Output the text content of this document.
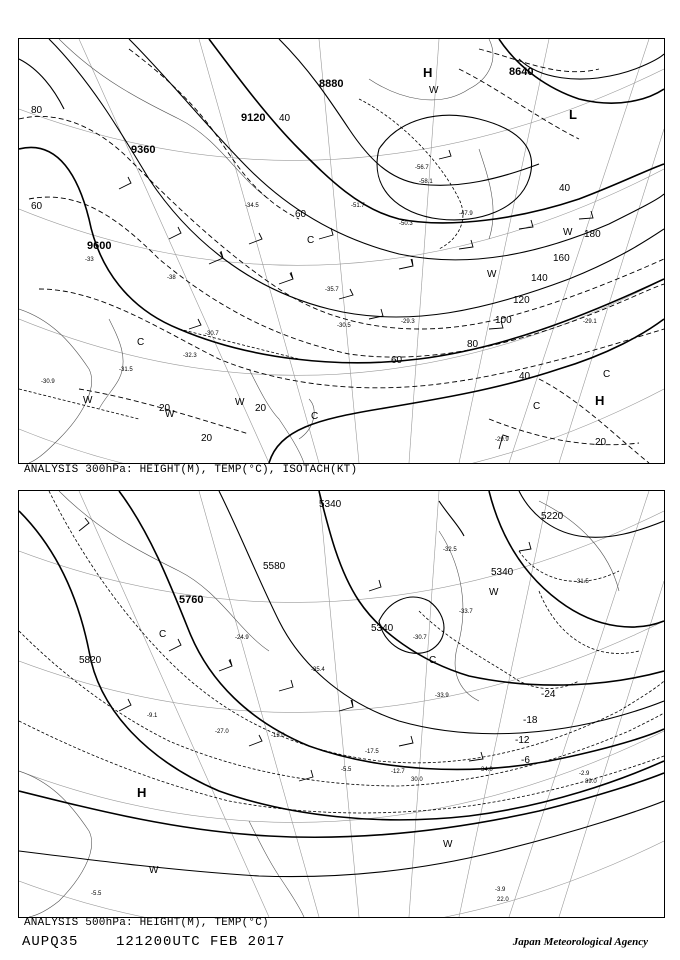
9600
9120
8880
8640
9360
80
60
40
20
100
120
140
160
180
40
60
80
60
20
20
40
20
H
L
H
C
C
C
C
C
W	W
W
W
W
W
-56.7
-58.1
-50.3
-47.9
-51.7
-30.7
-31.5
-32.3
-29.3
-30.5
-30.9
-29.9
-33
-29.1
-34.5
-35.7
-38
ANALYSIS 300hPa: HEIGHT(M), TEMP(°C), ISOTACH(KT)
5820
5760
5580
5340
5220
5340
5340
-24
-18
-12
-6
H
C
C
W
W
W
-32.5
-31.5
-33.7
-30.7
-27.0
-12.0
-17.5
-12.7
-5.5
-9.1
-3.9
-5.5
-2.9
-24.9
-35.4
-33.9
30.0
22.0
39.0
34.0
ANALYSIS 500hPa: HEIGHT(M), TEMP(°C)
AUPQ35	121200UTC FEB 2017	Japan Meteorological Agency
